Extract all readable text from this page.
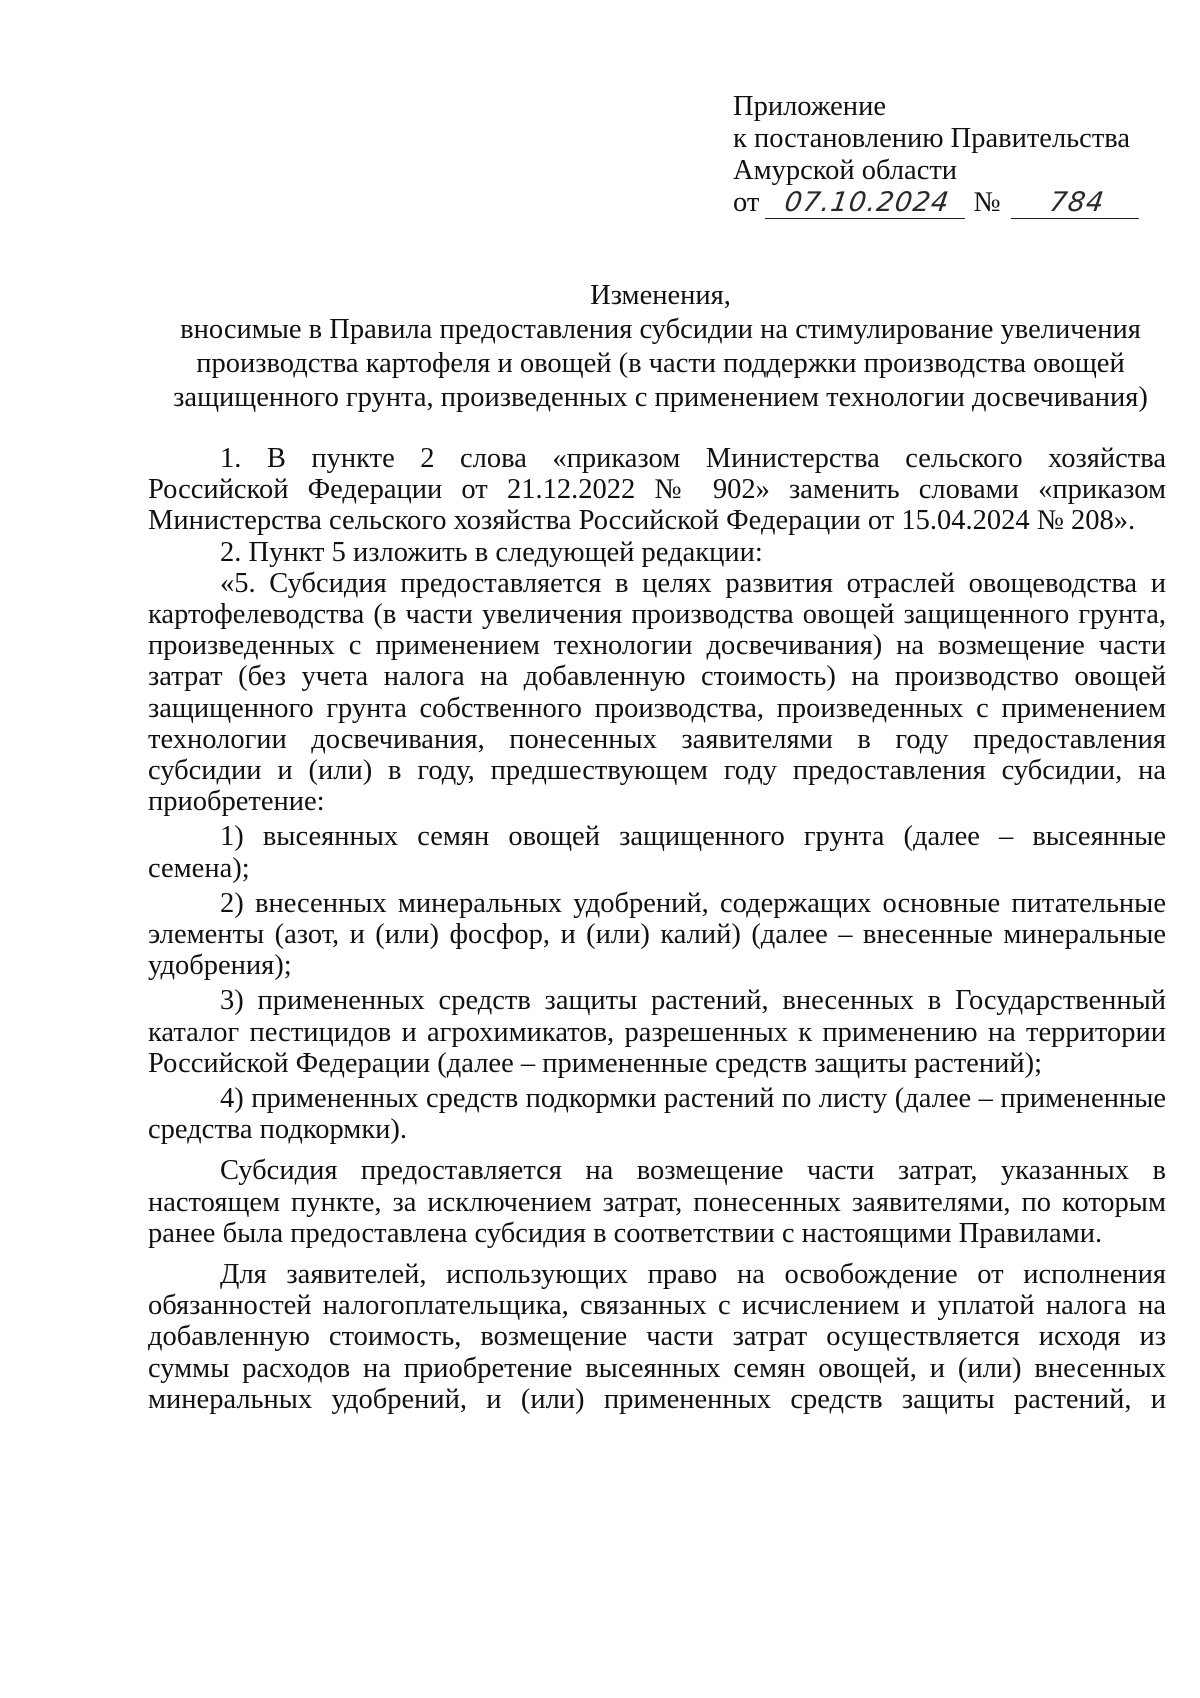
Приложение
к постановлению Правительства
Амурской области
от 07.10.2024 №	784
Изменения,
вносимые в Правила предоставления субсидии на стимулирование увеличения
производства картофеля и овощей (в части поддержки производства овощей
защищенного грунта, произведенных с применением технологии досвечивания)

1. В пункте 2 слова «приказом Министерства сельского хозяйства Российской Федерации от 21.12.2022 № 902» заменить словами «приказом Министерства сельского хозяйства Российской Федерации от 15.04.2024 № 208».

2. Пункт 5 изложить в следующей редакции:

«5. Субсидия предоставляется в целях развития отраслей овощеводства и картофелеводства (в части увеличения производства овощей защищенного грунта, произведенных с применением технологии досвечивания) на возмещение части затрат (без учета налога на добавленную стоимость) на производство овощей защищенного грунта собственного производства, произведенных с применением технологии досвечивания, понесенных заявителями в году предоставления субсидии и (или) в году, предшествующем году предоставления субсидии, на приобретение:

1) высеянных семян овощей защищенного грунта (далее – высеянные семена);

2) внесенных минеральных удобрений, содержащих основные питательные элементы (азот, и (или) фосфор, и (или) калий) (далее – внесенные минеральные удобрения);

3) примененных средств защиты растений, внесенных в Государственный каталог пестицидов и агрохимикатов, разрешенных к применению на территории Российской Федерации (далее – примененные средств защиты растений);

4) примененных средств подкормки растений по листу (далее – примененные средства подкормки).

Субсидия предоставляется на возмещение части затрат, указанных в настоящем пункте, за исключением затрат, понесенных заявителями, по которым ранее была предоставлена субсидия в соответствии с настоящими Правилами.

Для заявителей, использующих право на освобождение от исполнения обязанностей налогоплательщика, связанных с исчислением и уплатой налога на добавленную стоимость, возмещение части затрат осуществляется исходя из суммы расходов на приобретение высеянных семян овощей, и (или) внесенных минеральных удобрений, и (или) примененных средств защиты растений, и
